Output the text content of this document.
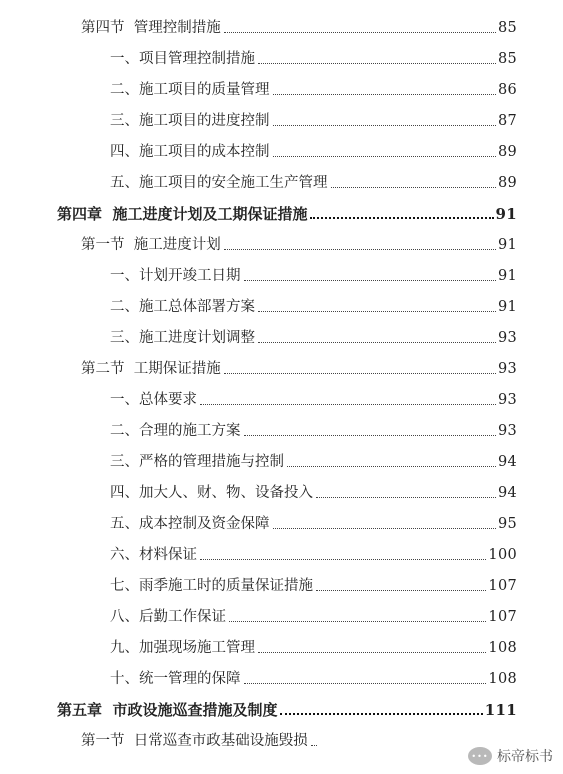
第四节  管理控制措施	85
一、项目管理控制措施	85
二、施工项目的质量管理	86
三、施工项目的进度控制	87
四、施工项目的成本控制	89
五、施工项目的安全施工生产管理	89
第四章  施工进度计划及工期保证措施	91
第一节  施工进度计划	91
一、计划开竣工日期	91
二、施工总体部署方案	91
三、施工进度计划调整	93
第二节  工期保证措施	93
一、总体要求	93
二、合理的施工方案	93
三、严格的管理措施与控制	94
四、加大人、财、物、设备投入	94
五、成本控制及资金保障	95
六、材料保证	100
七、雨季施工时的质量保证措施	107
八、后勤工作保证	107
九、加强现场施工管理	108
十、统一管理的保障	108
第五章  市政设施巡查措施及制度	111
第一节  日常巡查市政基础设施毁损
••• 标帝标书
